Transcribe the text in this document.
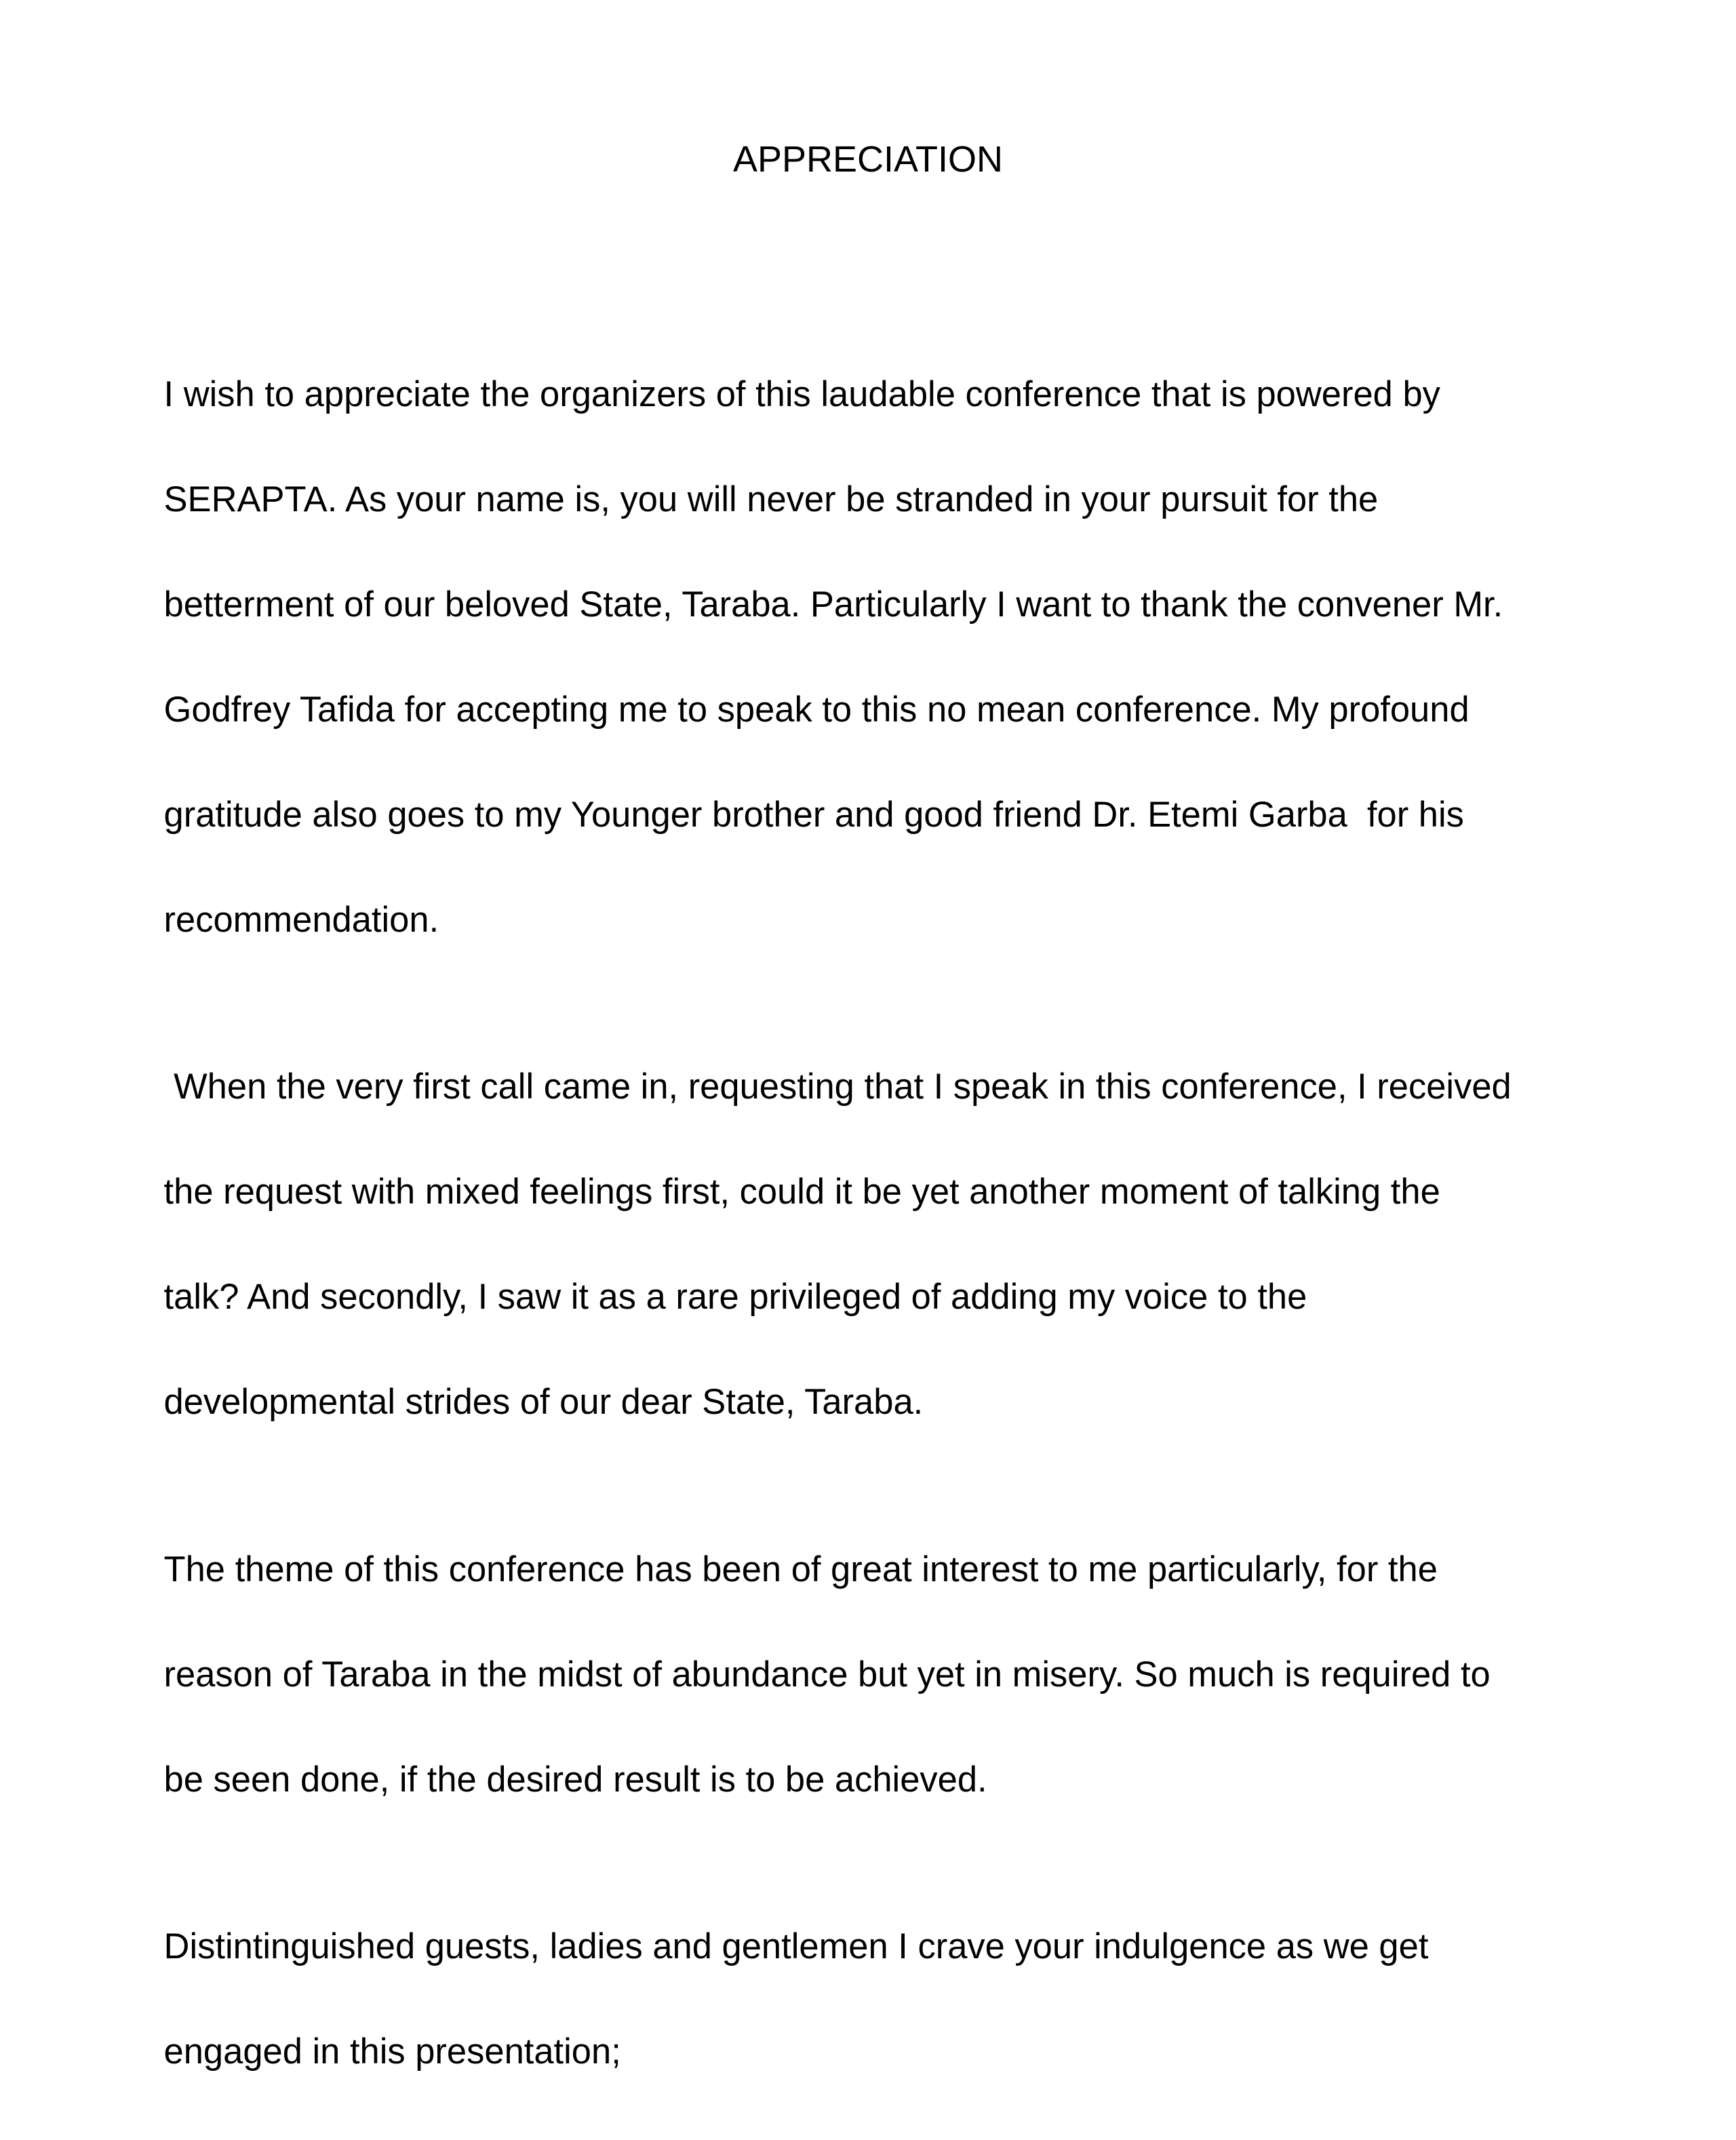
APPRECIATION

I wish to appreciate the organizers of this laudable conference that is powered by

SERAPTA. As your name is, you will never be stranded in your pursuit for the

betterment of our beloved State, Taraba. Particularly I want to thank the convener Mr.

Godfrey Tafida for accepting me to speak to this no mean conference. My profound

gratitude also goes to my Younger brother and good friend Dr. Etemi Garba  for his

recommendation.

When the very first call came in, requesting that I speak in this conference, I received

the request with mixed feelings first, could it be yet another moment of talking the

talk? And secondly, I saw it as a rare privileged of adding my voice to the

developmental strides of our dear State, Taraba.

The theme of this conference has been of great interest to me particularly, for the

reason of Taraba in the midst of abundance but yet in misery. So much is required to

be seen done, if the desired result is to be achieved.

Distintinguished guests, ladies and gentlemen I crave your indulgence as we get

engaged in this presentation;
